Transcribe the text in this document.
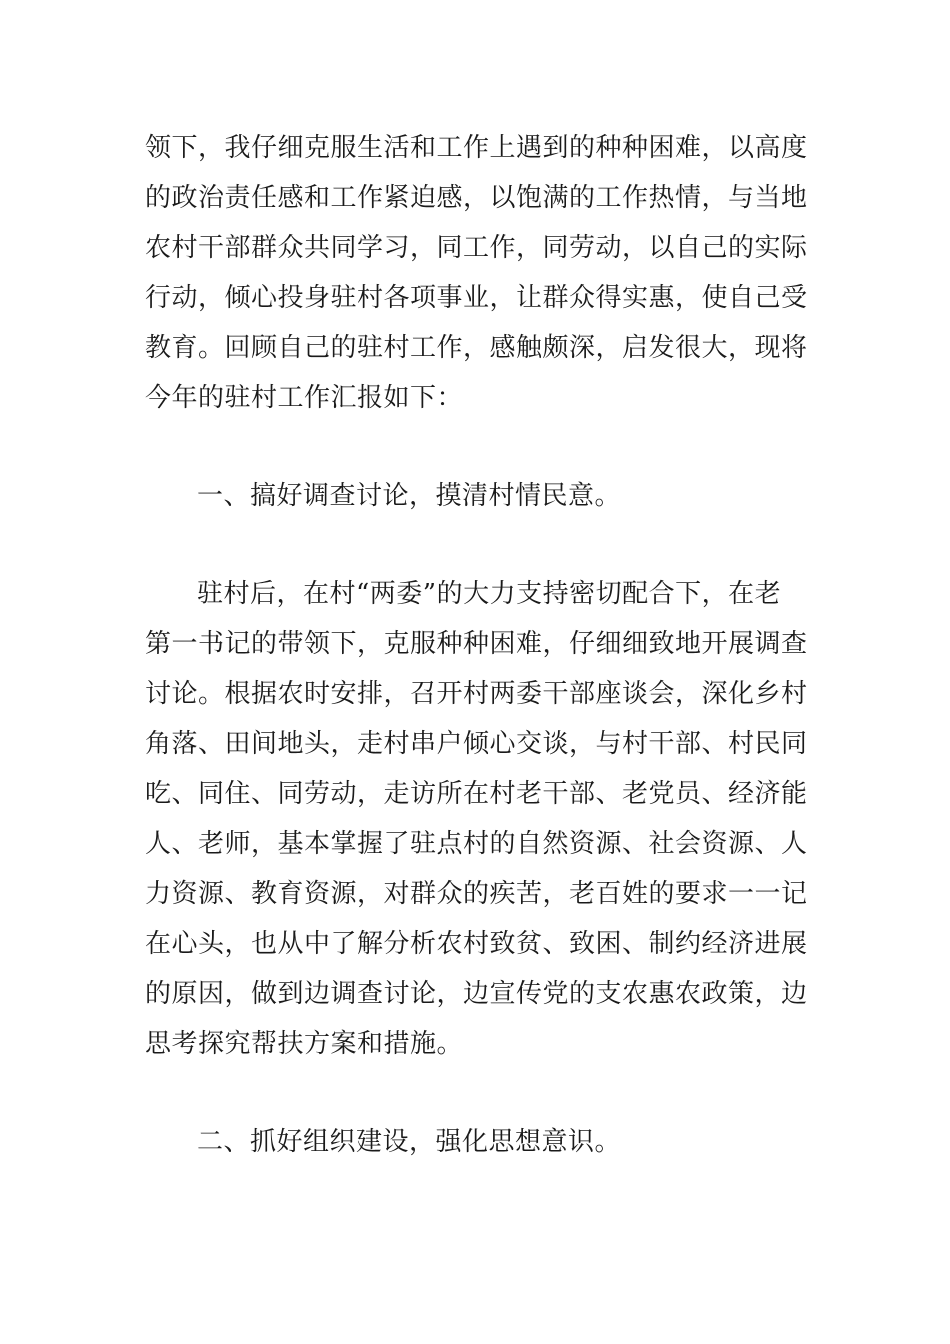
领下，我仔细克服生活和工作上遇到的种种困难，以高度
的政治责任感和工作紧迫感，以饱满的工作热情，与当地
农村干部群众共同学习，同工作，同劳动，以自己的实际
行动，倾心投身驻村各项事业，让群众得实惠，使自己受
教育。回顾自己的驻村工作，感触颇深，启发很大，现将
今年的驻村工作汇报如下：
一、搞好调查讨论，摸清村情民意。
驻村后，在村“两委”的大力支持密切配合下，在老
第一书记的带领下，克服种种困难，仔细细致地开展调查
讨论。根据农时安排，召开村两委干部座谈会，深化乡村
角落、田间地头，走村串户倾心交谈，与村干部、村民同
吃、同住、同劳动，走访所在村老干部、老党员、经济能
人、老师，基本掌握了驻点村的自然资源、社会资源、人
力资源、教育资源，对群众的疾苦，老百姓的要求一一记
在心头，也从中了解分析农村致贫、致困、制约经济进展
的原因，做到边调查讨论，边宣传党的支农惠农政策，边
思考探究帮扶方案和措施。
二、抓好组织建设，强化思想意识。
